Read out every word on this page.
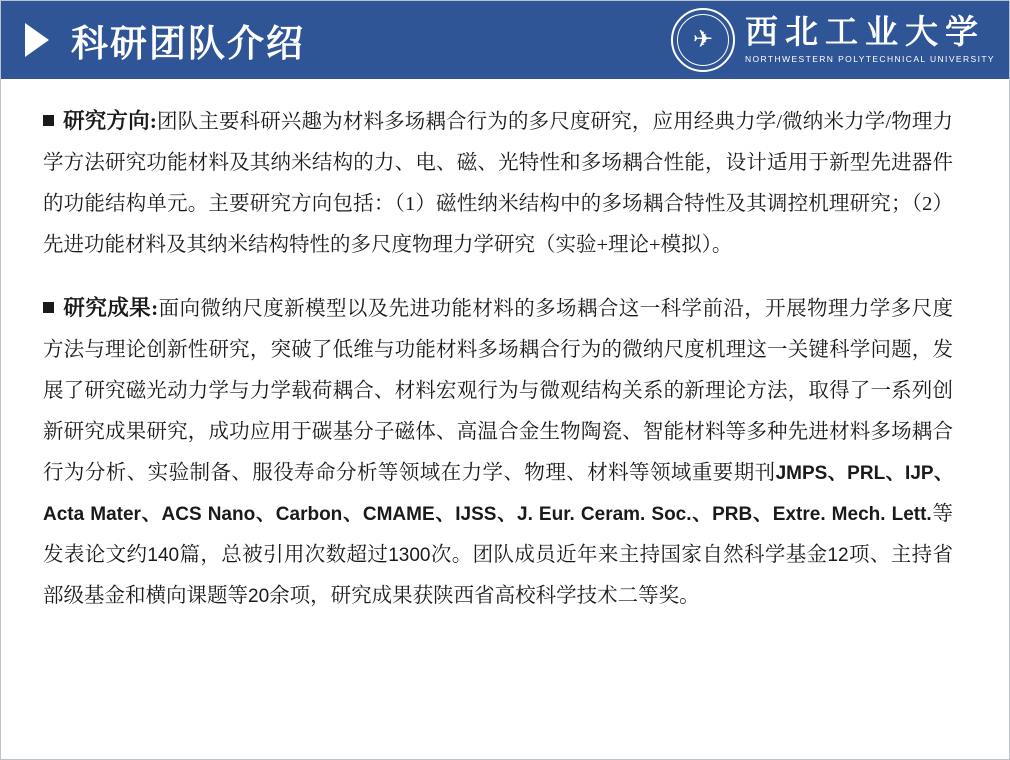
科研团队介绍	✈ 西北工业大学
NORTHWESTERN POLYTECHNICAL UNIVERSITY

研究方向:团队主要科研兴趣为材料多场耦合行为的多尺度研究，应用经典力学/微纳米力学/物理力学方法研究功能材料及其纳米结构的力、电、磁、光特性和多场耦合性能，设计适用于新型先进器件的功能结构单元。主要研究方向包括：（1）磁性纳米结构中的多场耦合特性及其调控机理研究；（2）先进功能材料及其纳米结构特性的多尺度物理力学研究（实验+理论+模拟）。

研究成果:面向微纳尺度新模型以及先进功能材料的多场耦合这一科学前沿，开展物理力学多尺度方法与理论创新性研究，突破了低维与功能材料多场耦合行为的微纳尺度机理这一关键科学问题，发展了研究磁光动力学与力学载荷耦合、材料宏观行为与微观结构关系的新理论方法，取得了一系列创新研究成果研究，成功应用于碳基分子磁体、高温合金生物陶瓷、智能材料等多种先进材料多场耦合行为分析、实验制备、服役寿命分析等领域在力学、物理、材料等领域重要期刊JMPS、PRL、IJP、Acta Mater、ACS Nano、Carbon、CMAME、IJSS、J. Eur. Ceram. Soc.、PRB、Extre. Mech. Lett.等发表论文约140篇，总被引用次数超过1300次。团队成员近年来主持国家自然科学基金12项、主持省部级基金和横向课题等20余项，研究成果获陕西省高校科学技术二等奖。
